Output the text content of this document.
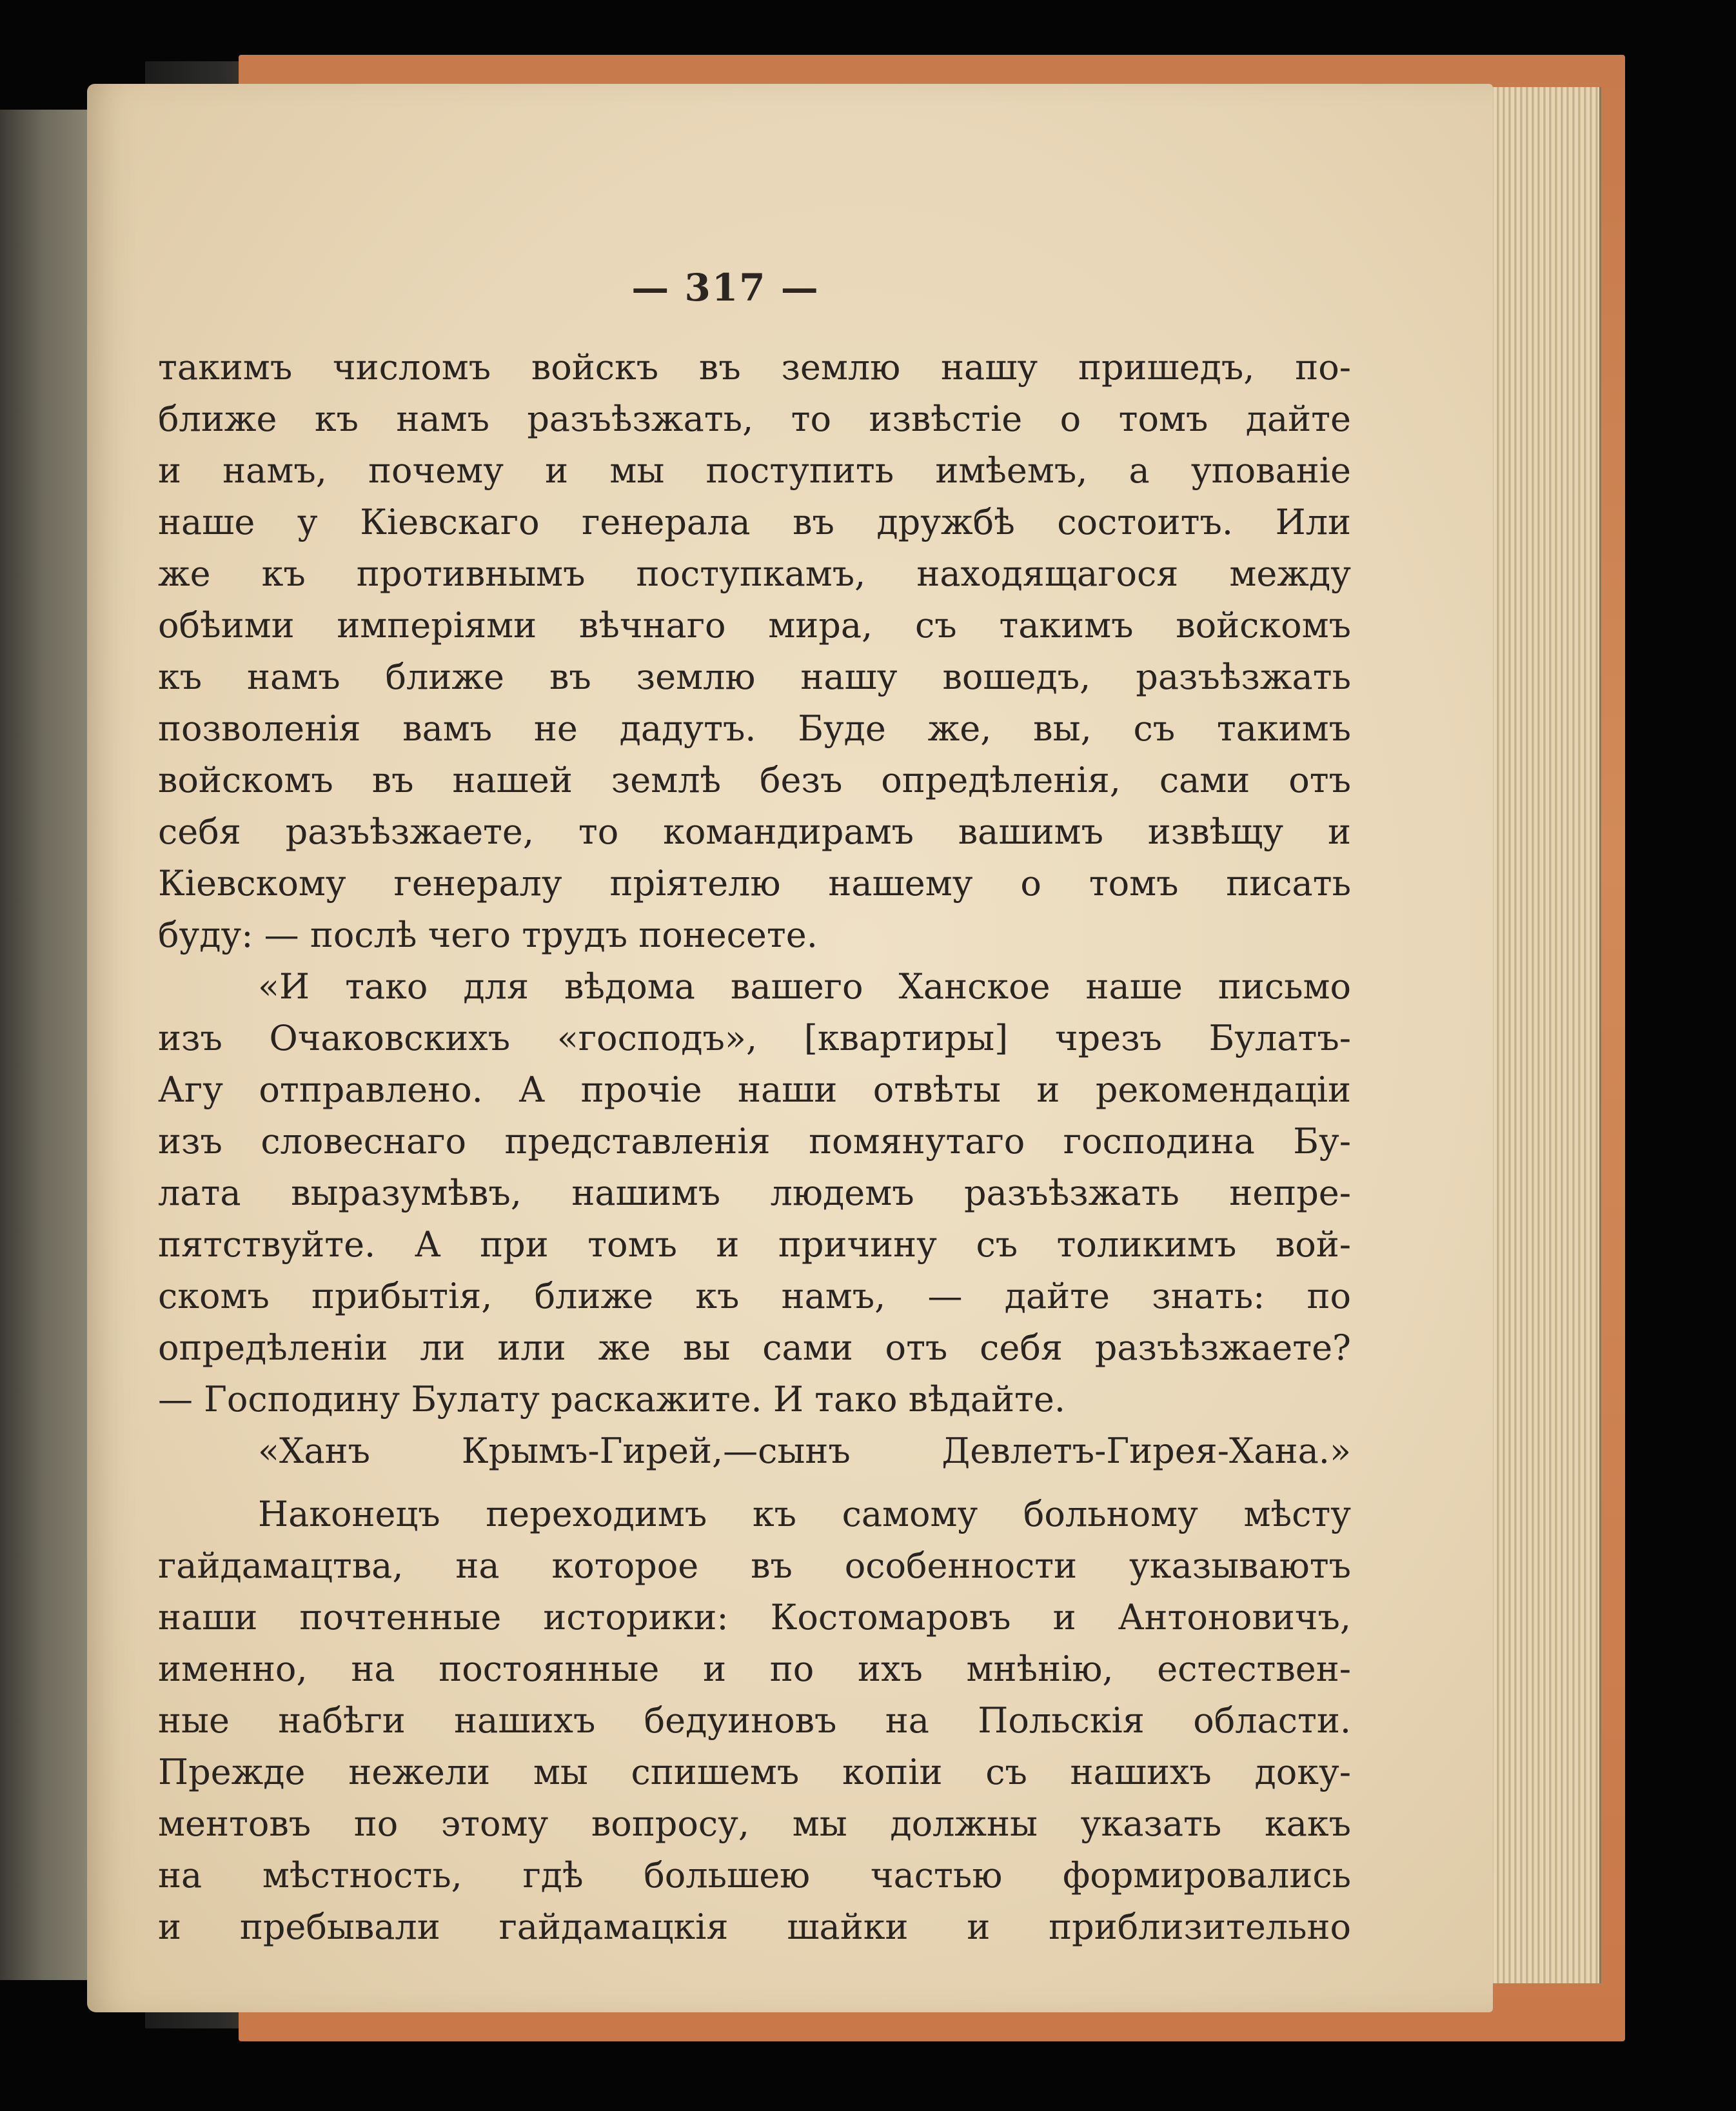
— 317 —
такимъ числомъ войскъ въ землю нашу пришедъ, по-
ближе къ намъ разъѣзжать, то извѣстіе о томъ дайте
и намъ, почему и мы поступить имѣемъ, а упованіе
наше у Кіевскаго генерала въ дружбѣ состоитъ. Или
же къ противнымъ поступкамъ, находящагося между
обѣими имперіями вѣчнаго мира, съ такимъ войскомъ
къ намъ ближе въ землю нашу вошедъ, разъѣзжать
позволенія вамъ не дадутъ. Буде же, вы, съ такимъ
войскомъ въ нашей землѣ безъ опредѣленія, сами отъ
себя разъѣзжаете, то командирамъ вашимъ извѣщу и
Кіевскому генералу пріятелю нашему о томъ писать
буду: — послѣ чего трудъ понесете.
«И тако для вѣдома вашего Ханское наше письмо
изъ Очаковскихъ «господъ», [квартиры] чрезъ Булатъ-
Агу отправлено. А прочіе наши отвѣты и рекомендаціи
изъ словеснаго представленія помянутаго господина Бу-
лата выразумѣвъ, нашимъ людемъ разъѣзжать непре-
пятствуйте. А при томъ и причину съ толикимъ вой-
скомъ прибытія, ближе къ намъ, — дайте знать: по
опредѣленіи ли или же вы сами отъ себя разъѣзжаете?
— Господину Булату раскажите. И тако вѣдайте.
«Ханъ Крымъ-Гирей,—сынъ Девлетъ-Гирея-Хана.»
Наконецъ переходимъ къ самому больному мѣсту
гайдамацтва, на которое въ особенности указываютъ
наши почтенные историки: Костомаровъ и Антоновичъ,
именно, на постоянные и по ихъ мнѣнію, естествен-
ные набѣги нашихъ бедуиновъ на Польскія области.
Прежде нежели мы спишемъ копіи съ нашихъ доку-
ментовъ по этому вопросу, мы должны указать какъ
на мѣстность, гдѣ большею частью формировались
и пребывали гайдамацкія шайки и приблизительно
